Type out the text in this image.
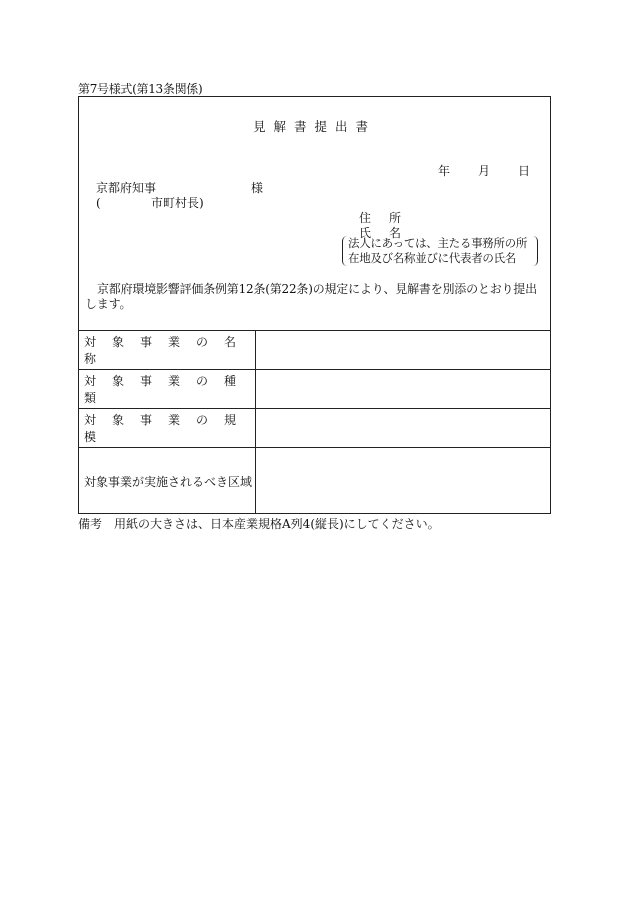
第7号様式(第13条関係)
見解書提出書
年 月 日
京都府知事	様
(	市町村長)
住 所
氏 名
法人にあっては、主たる事務所の所
在地及び名称並びに代表者の氏名
京都府環境影響評価条例第12条(第22条)の規定により、見解書を別添のとおり提出します。
対象事業の名称	
対象事業の種類	
対象事業の規模	
対象事業が実施されるべき区域	
備考 用紙の大きさは、日本産業規格A列4(縦長)にしてください。
